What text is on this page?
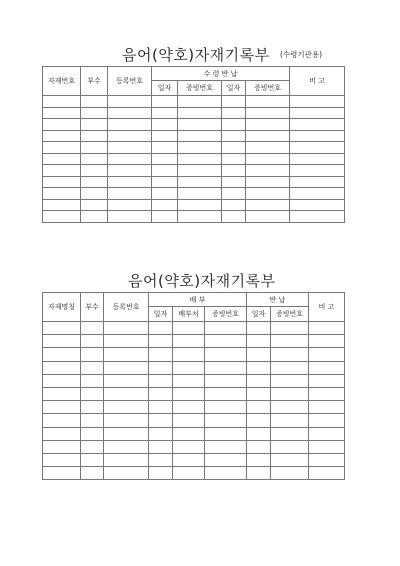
음어(약호)자재기록부 (수령기관용)
자재번호	부수	등록번호	수 령 반 납				비 고
			일자	증빙번호	일자	증빙번호	

음어(약호)자재기록부
자재명칭	부수	등록번호	배 부			반 납		비 고
			일자	배부처	증빙번호	일자	증빙번호	
